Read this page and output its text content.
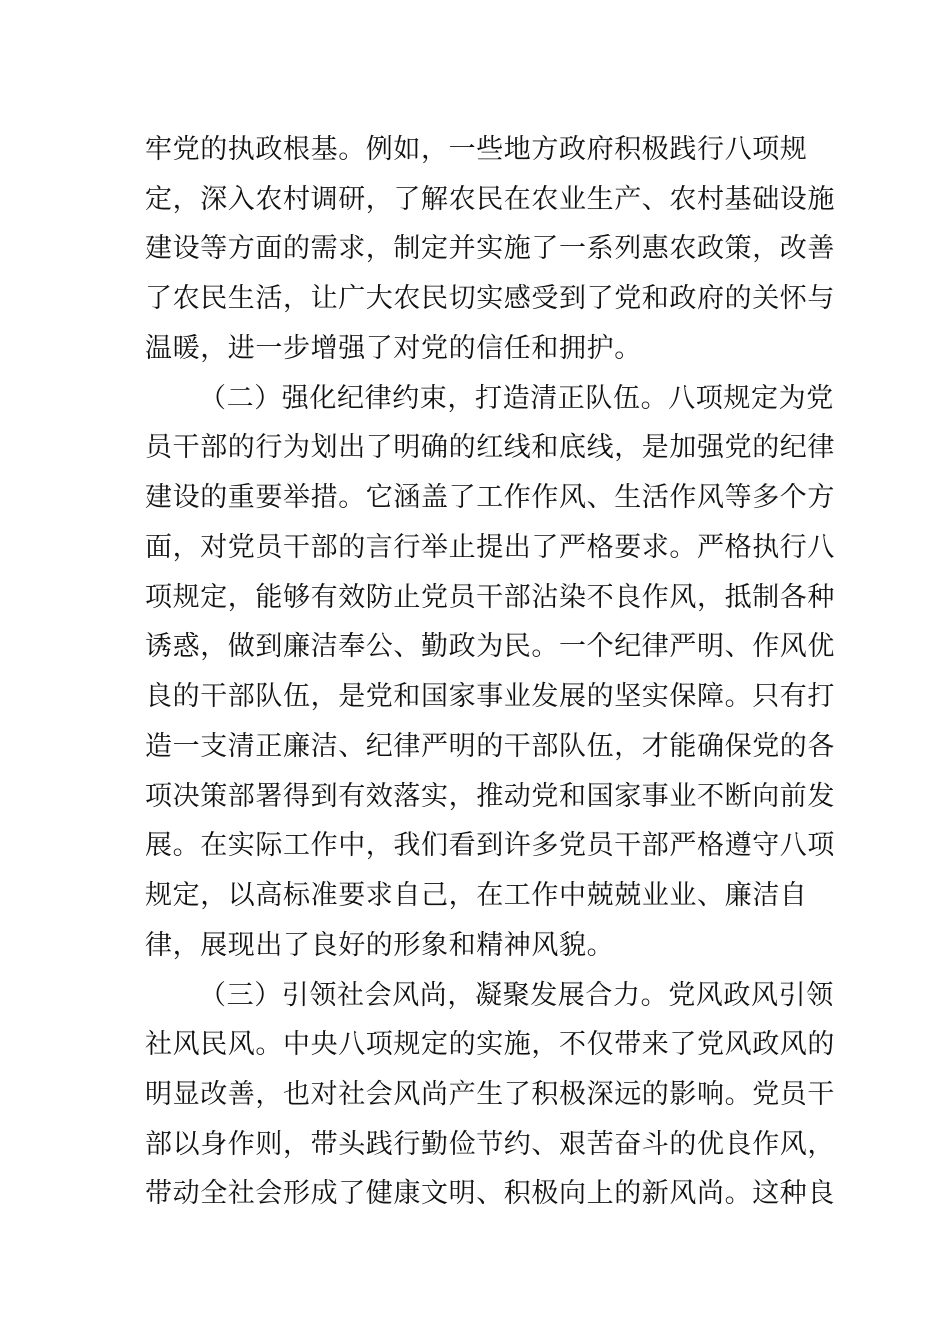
牢党的执政根基。例如，一些地方政府积极践行八项规
定，深入农村调研，了解农民在农业生产、农村基础设施
建设等方面的需求，制定并实施了一系列惠农政策，改善
了农民生活，让广大农民切实感受到了党和政府的关怀与
温暖，进一步增强了对党的信任和拥护。
（二）强化纪律约束，打造清正队伍。八项规定为党
员干部的行为划出了明确的红线和底线，是加强党的纪律
建设的重要举措。它涵盖了工作作风、生活作风等多个方
面，对党员干部的言行举止提出了严格要求。严格执行八
项规定，能够有效防止党员干部沾染不良作风，抵制各种
诱惑，做到廉洁奉公、勤政为民。一个纪律严明、作风优
良的干部队伍，是党和国家事业发展的坚实保障。只有打
造一支清正廉洁、纪律严明的干部队伍，才能确保党的各
项决策部署得到有效落实，推动党和国家事业不断向前发
展。在实际工作中，我们看到许多党员干部严格遵守八项
规定，以高标准要求自己，在工作中兢兢业业、廉洁自
律，展现出了良好的形象和精神风貌。
（三）引领社会风尚，凝聚发展合力。党风政风引领
社风民风。中央八项规定的实施，不仅带来了党风政风的
明显改善，也对社会风尚产生了积极深远的影响。党员干
部以身作则，带头践行勤俭节约、艰苦奋斗的优良作风，
带动全社会形成了健康文明、积极向上的新风尚。这种良
